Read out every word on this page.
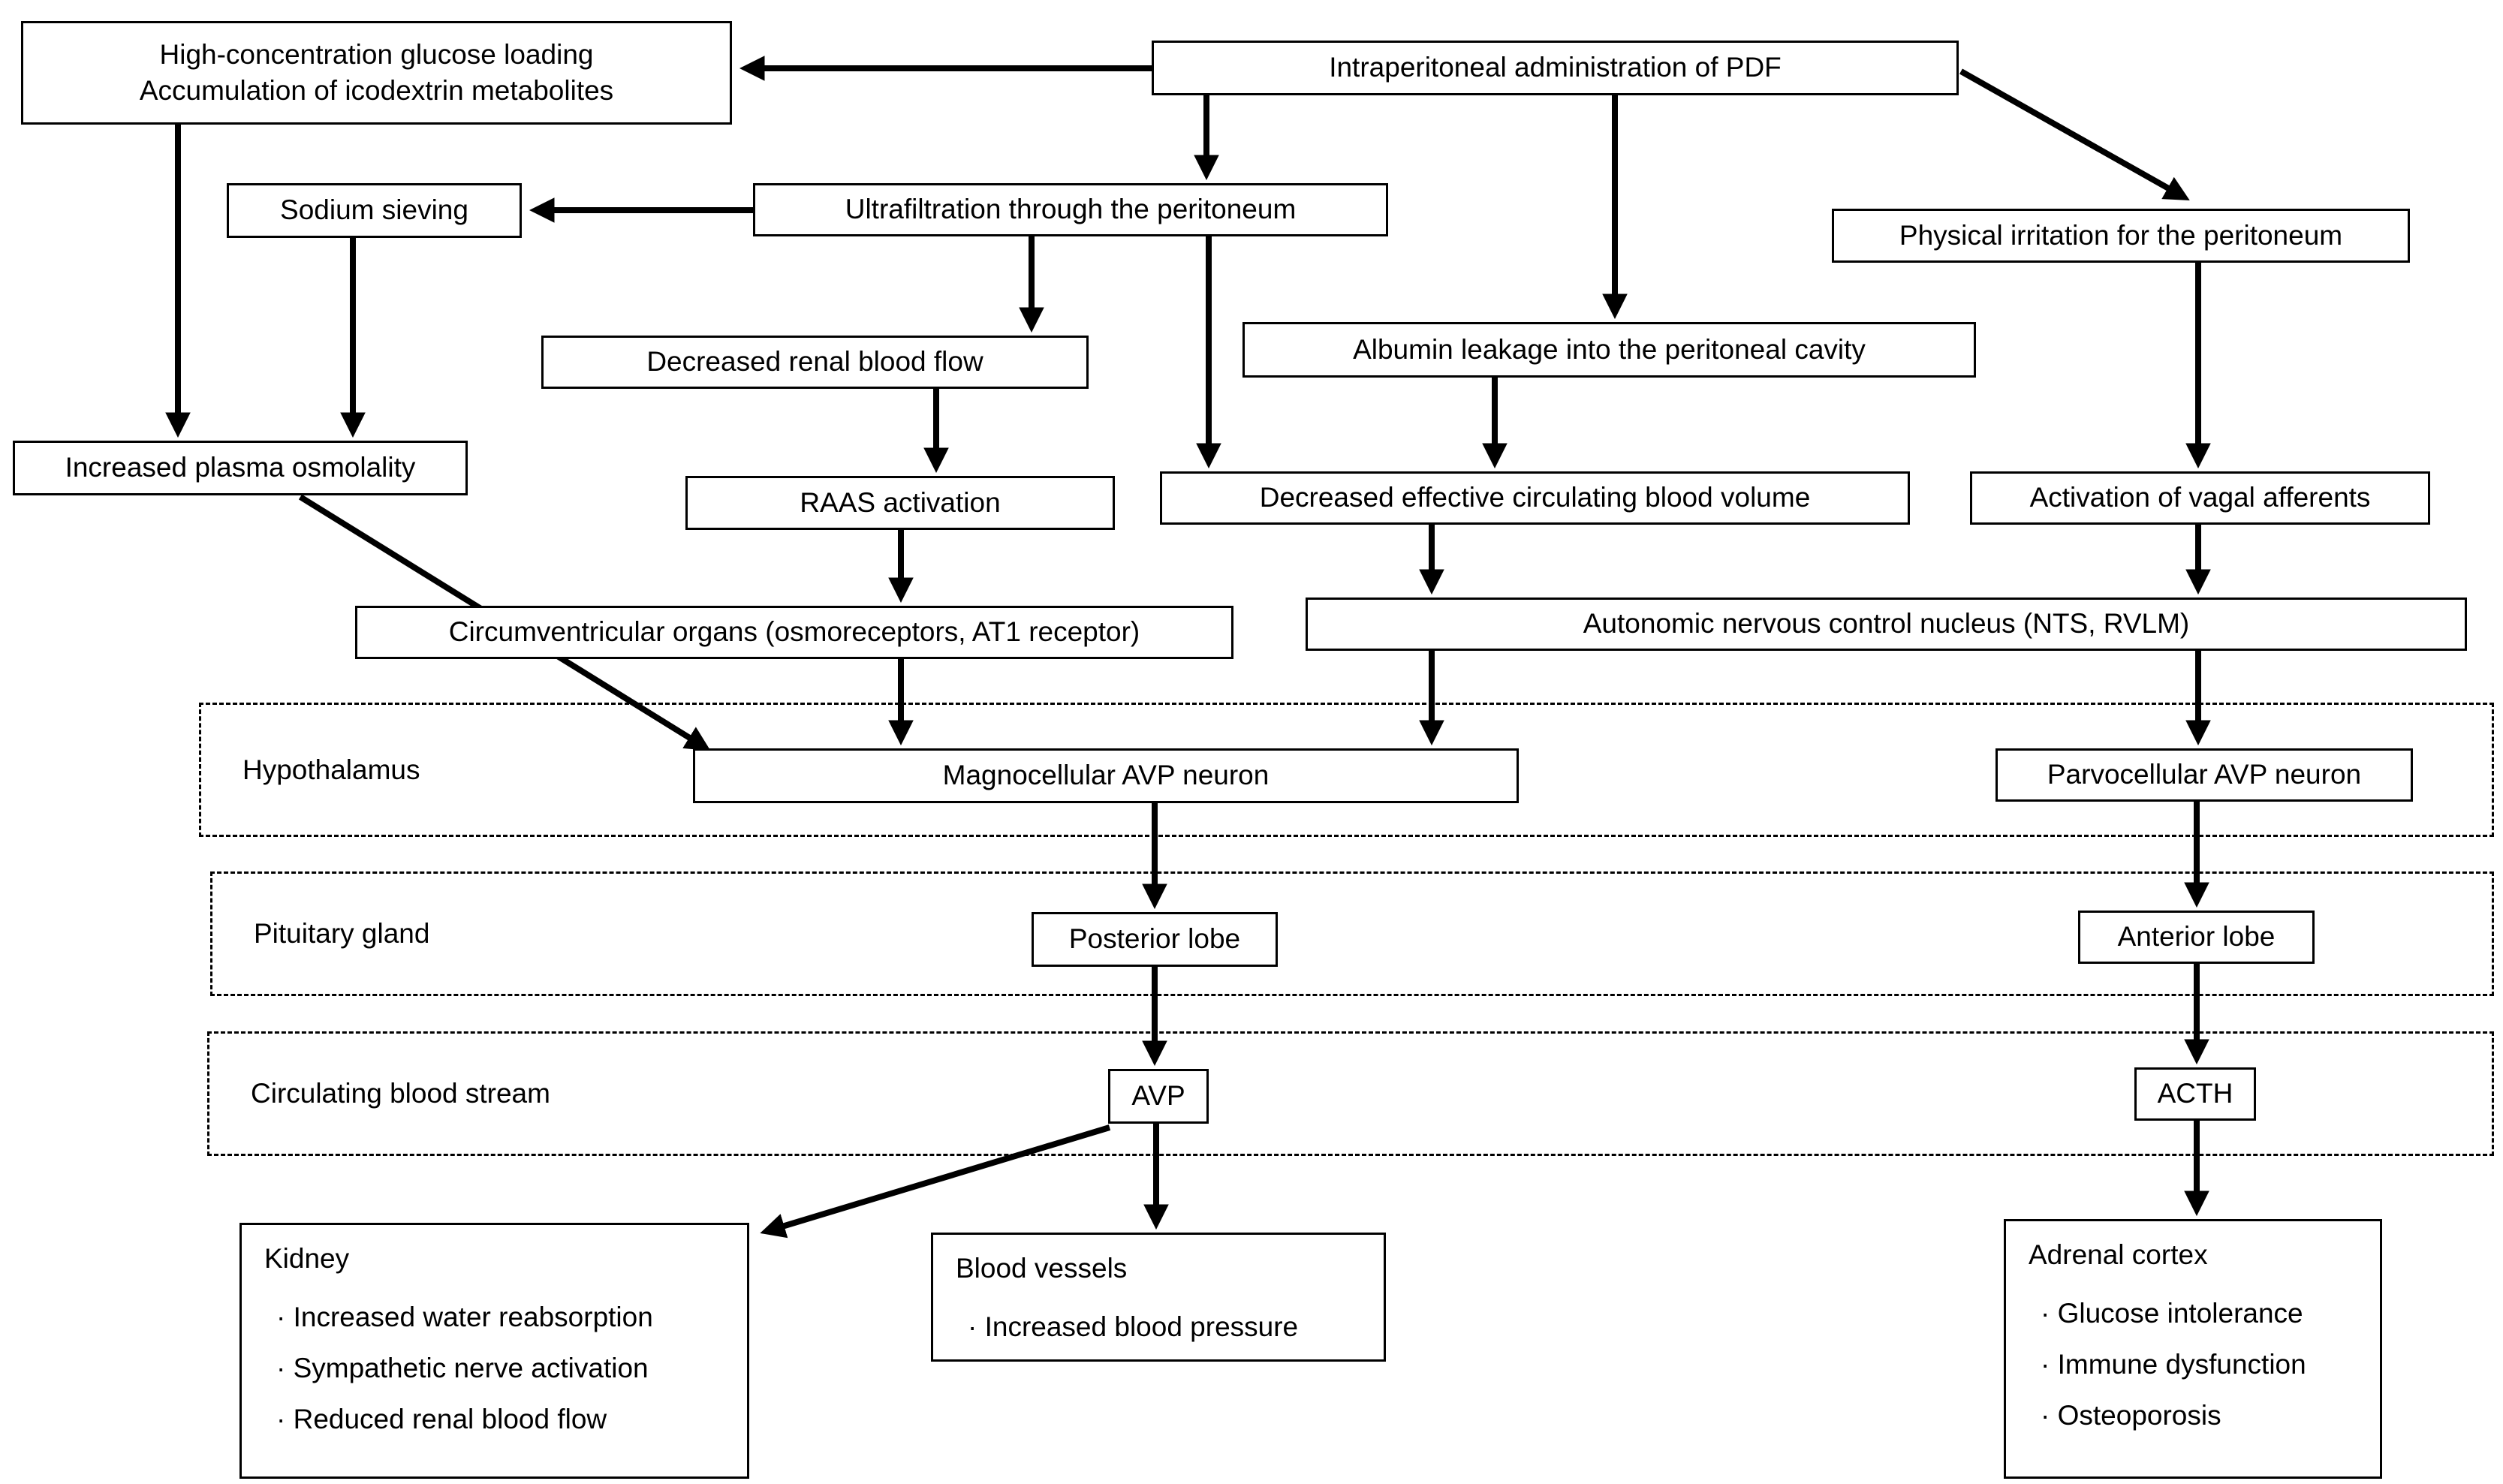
Hypothalamus
Pituitary gland
Circulating blood stream
High-concentration glucose loading
Accumulation of icodextrin metabolites
Intraperitoneal administration of PDF
Sodium sieving	Ultrafiltration through the peritoneum
Physical irritation for the peritoneum
Decreased renal blood flow	Albumin leakage into the peritoneal cavity
Increased plasma osmolality
RAAS activation	Decreased effective circulating blood volume	Activation of vagal afferents
Circumventricular organs (osmoreceptors, AT1 receptor)	Autonomic nervous control nucleus (NTS, RVLM)
Magnocellular AVP neuron	Parvocellular AVP neuron
Posterior lobe	Anterior lobe
AVP	ACTH
Kidney
· Increased water reabsorption
· Sympathetic nerve activation
· Reduced renal blood flow
Blood vessels
· Increased blood pressure
Adrenal cortex
· Glucose intolerance
· Immune dysfunction
· Osteoporosis
